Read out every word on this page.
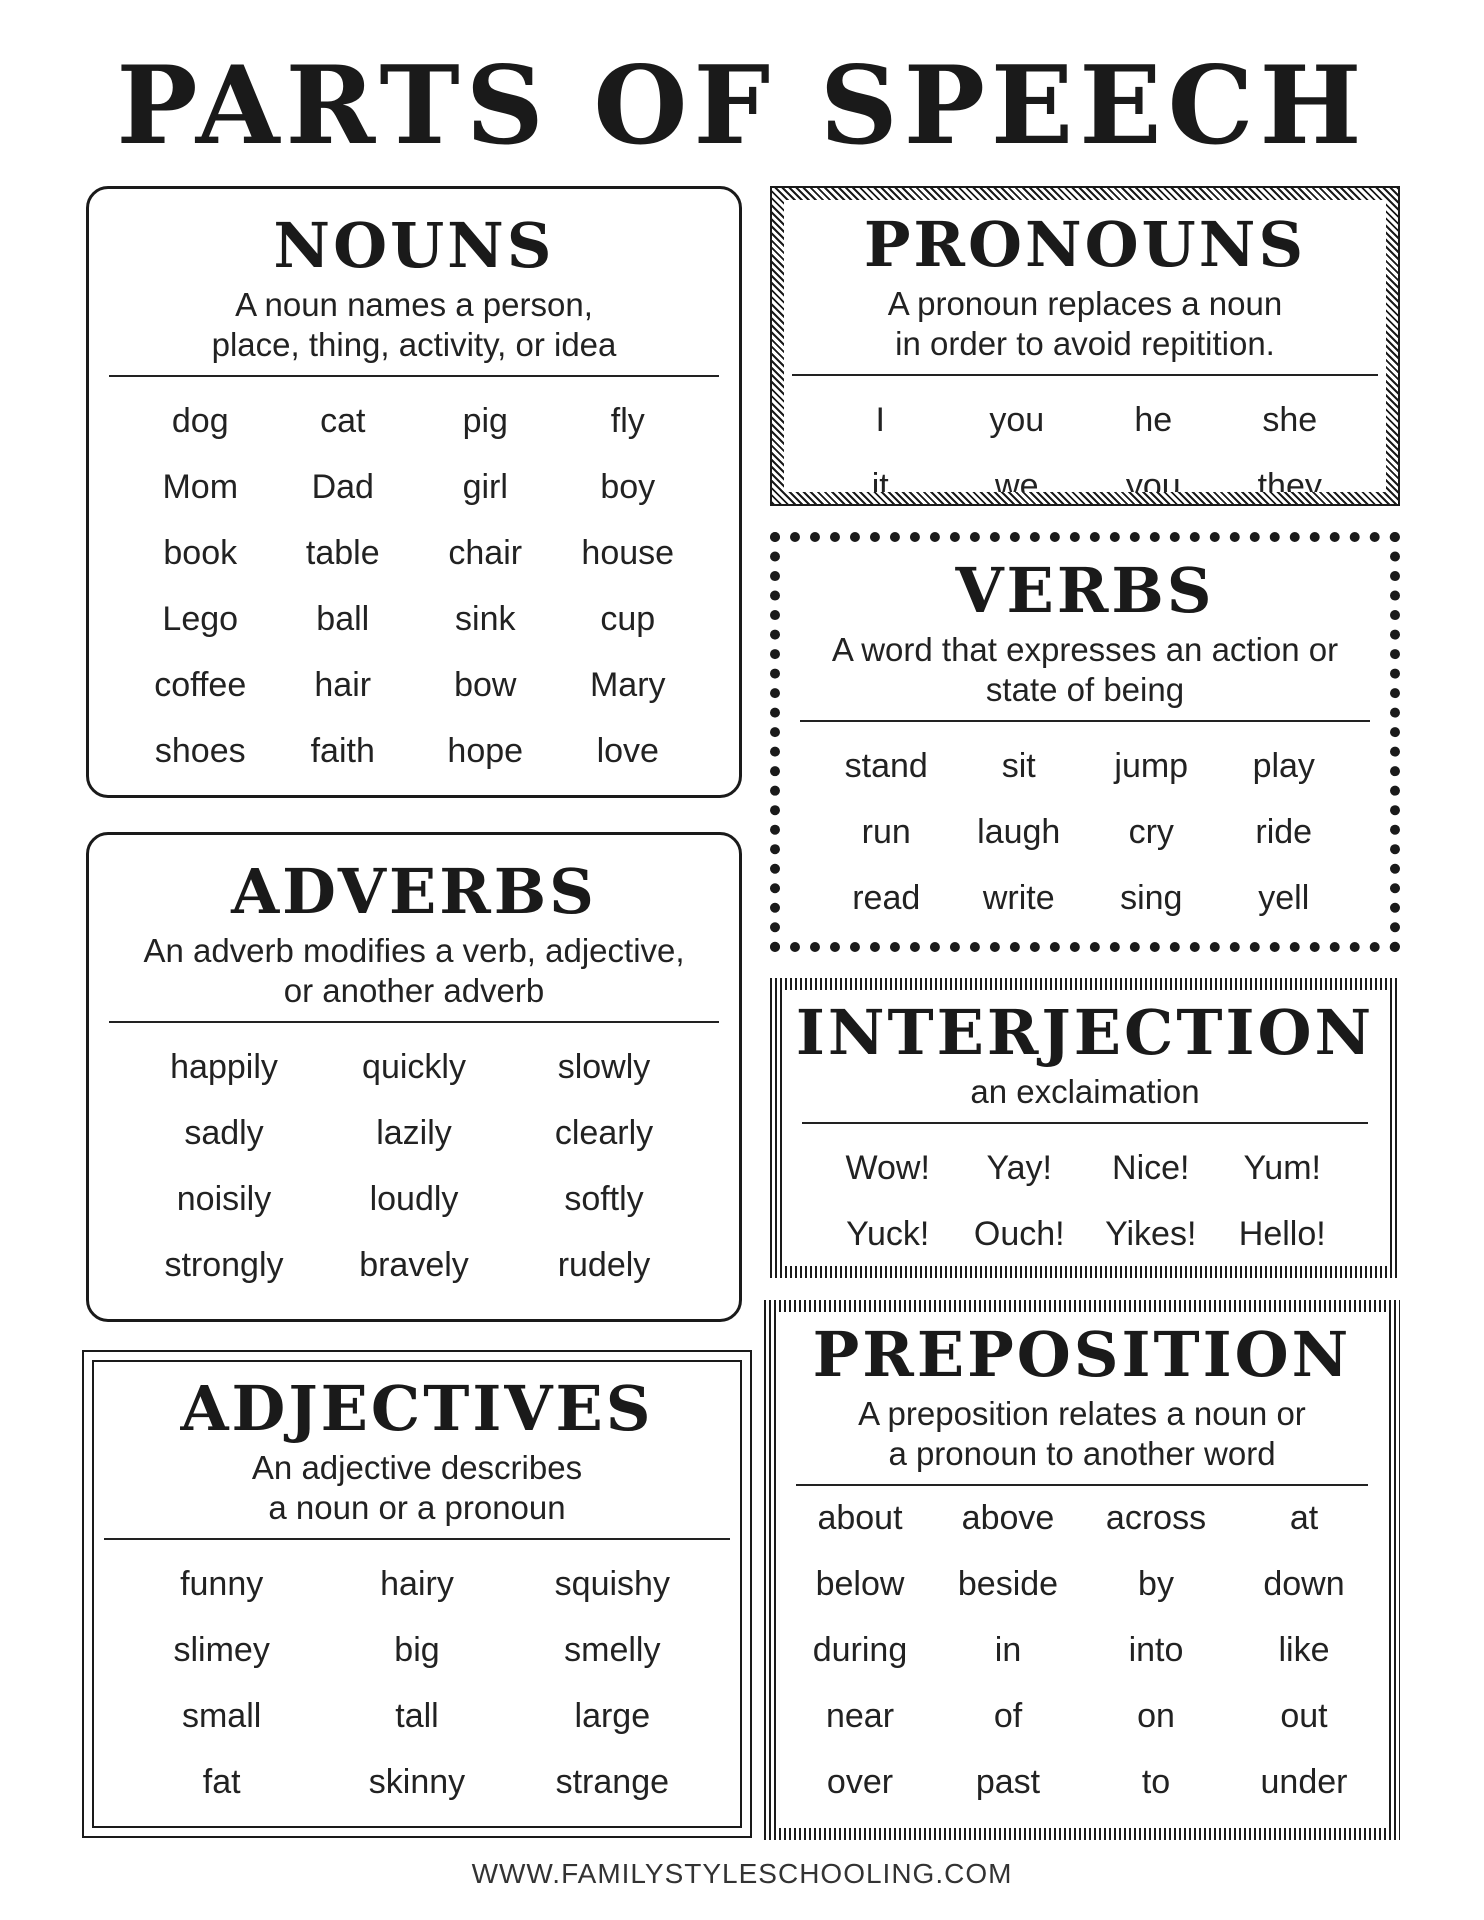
PARTS OF SPEECH
NOUNS
A noun names a person,
place, thing, activity, or idea
dog	cat	pig	fly
Mom	Dad	girl	boy
book	table	chair	house
Lego	ball	sink	cup
coffee	hair	bow	Mary
shoes	faith	hope	love
PRONOUNS
A pronoun replaces a noun
in order to avoid repitition.
I	you	he	she
it	we	you	they
VERBS
A word that expresses an action or
state of being
stand	sit	jump	play
run	laugh	cry	ride
read	write	sing	yell
ADVERBS
An adverb modifies a verb, adjective,
or another adverb
happily	quickly	slowly
sadly	lazily	clearly
noisily	loudly	softly
strongly	bravely	rudely
INTERJECTION
an exclaimation
Wow!	Yay!	Nice!	Yum!
Yuck!	Ouch!	Yikes!	Hello!
ADJECTIVES
An adjective describes
a noun or a pronoun
funny	hairy	squishy
slimey	big	smelly
small	tall	large
fat	skinny	strange
PREPOSITION
A preposition relates a noun or
a pronoun to another word
about	above	across	at
below	beside	by	down
during	in	into	like
near	of	on	out
over	past	to	under
WWW.FAMILYSTYLESCHOOLING.COM
